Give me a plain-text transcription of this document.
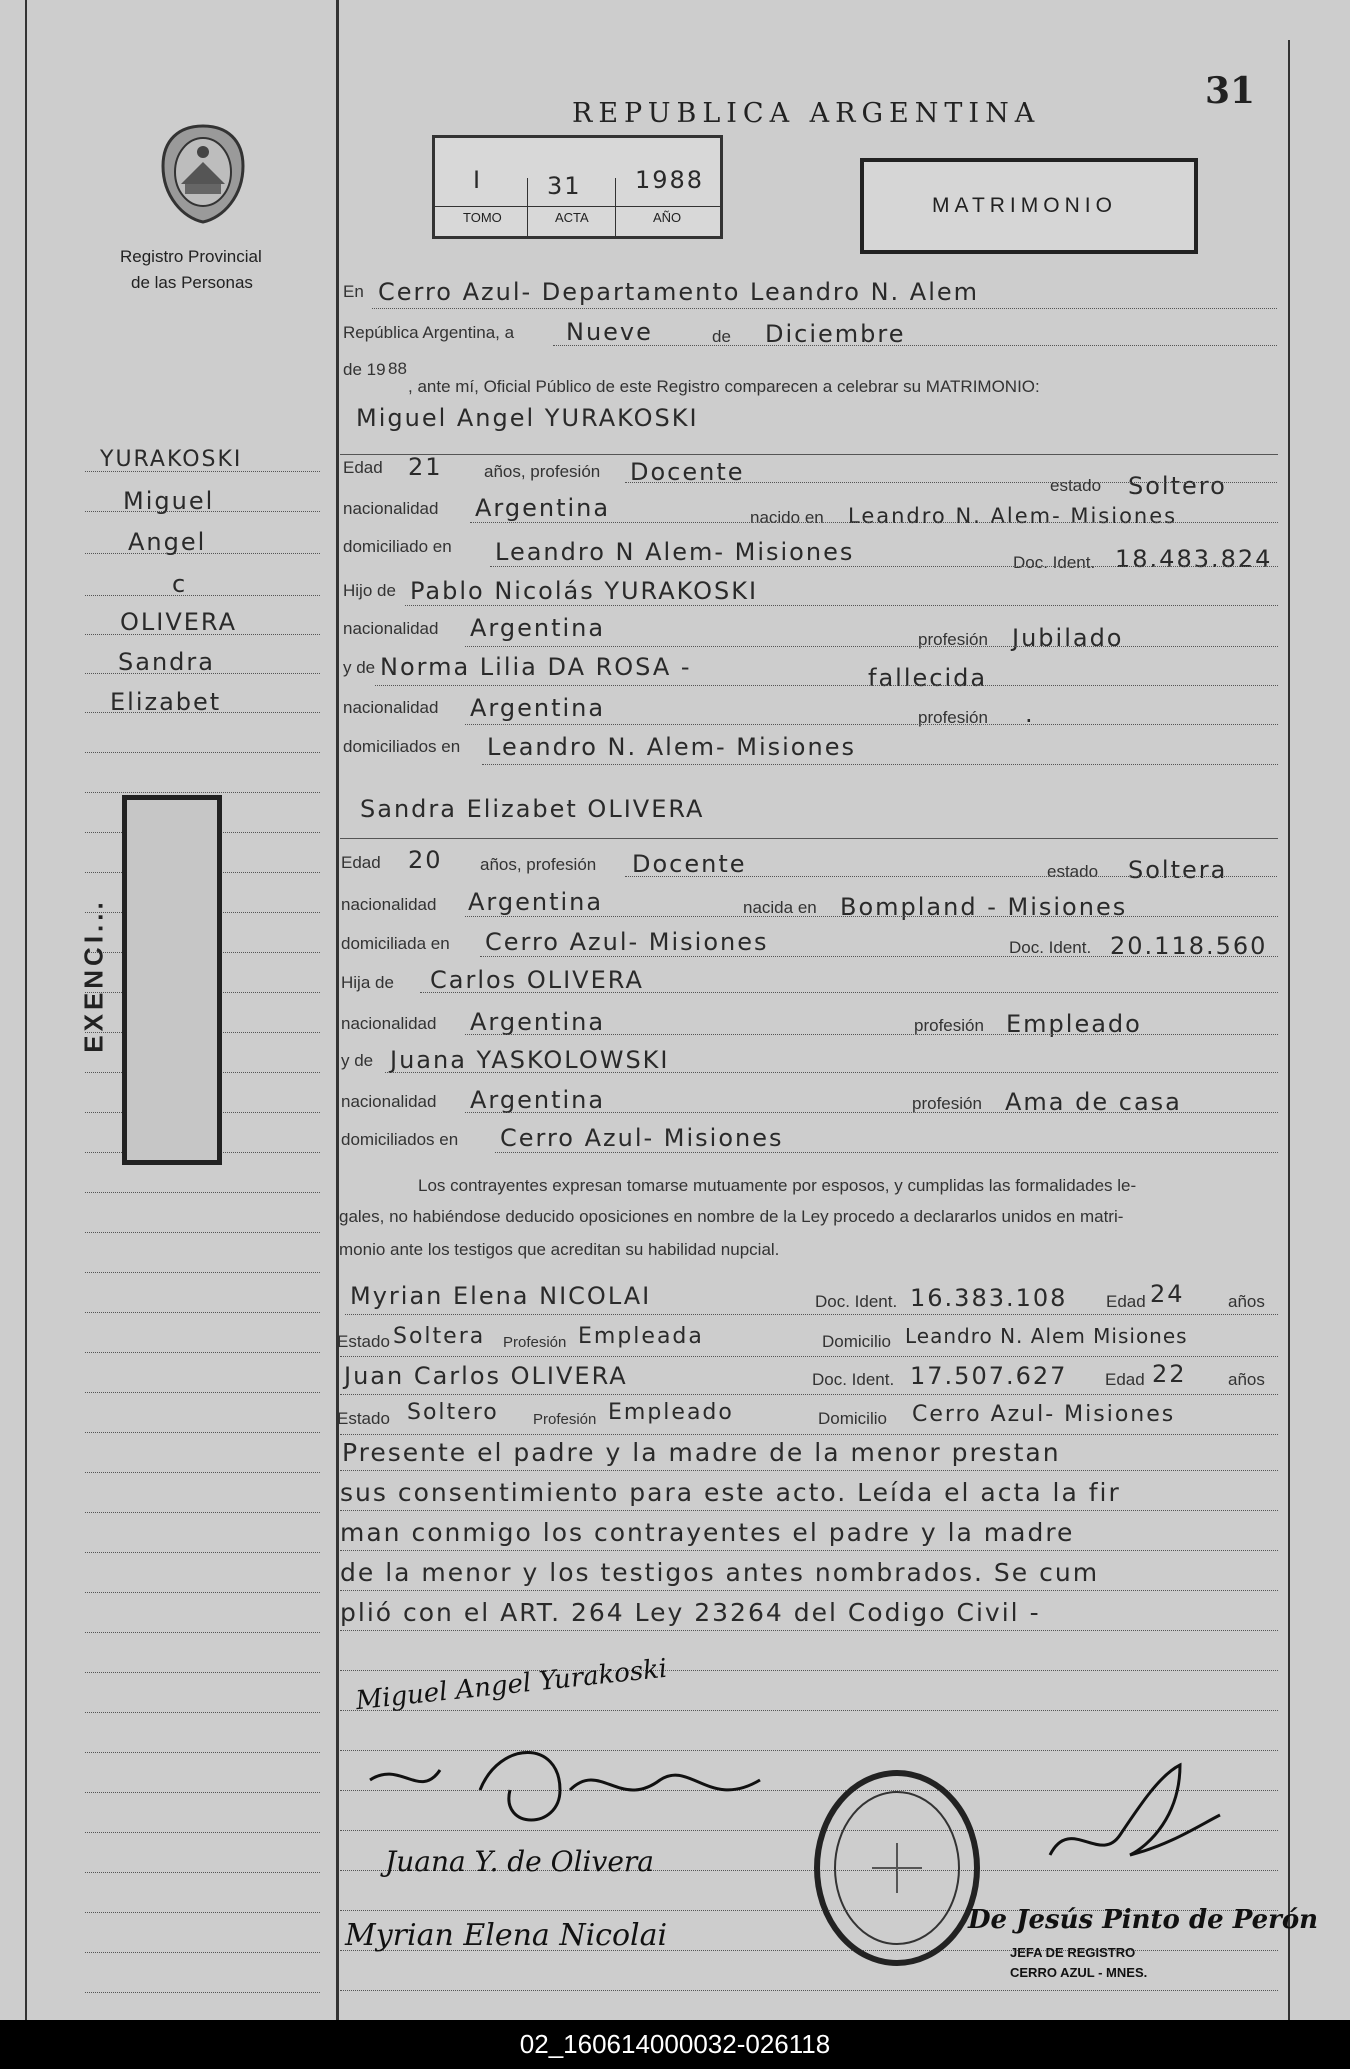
31
REPUBLICA ARGENTINA
I	31 1988
TOMO	ACTA	AÑO
MATRIMONIO
Registro Provincial
de las Personas
YURAKOSKI
Miguel
Angel
c
OLIVERA
Sandra
Elizabet
EXENCI...
En Cerro Azul- Departamento Leandro N. Alem
República Argentina, a Nueve	de Diciembre
de 19 88
, ante mí, Oficial Público de este Registro comparecen a celebrar su MATRIMONIO:
Miguel Angel YURAKOSKI
Edad 21 años, profesión Docente	estado Soltero
nacionalidad Argentina	nacido en Leandro N. Alem- Misiones
domiciliado en Leandro N Alem- Misiones	Doc. Ident. 18.483.824
Hijo de Pablo Nicolás YURAKOSKI
nacionalidad Argentina	profesión Jubilado
y de Norma Lilia DA ROSA -	fallecida
nacionalidad Argentina	profesión .
domiciliados en Leandro N. Alem- Misiones
Sandra Elizabet OLIVERA
Edad 20 años, profesión Docente	estado Soltera
nacionalidad Argentina	nacida en Bompland - Misiones
domiciliada en Cerro Azul- Misiones	Doc. Ident. 20.118.560
Hija de Carlos OLIVERA
nacionalidad Argentina	profesión Empleado
y de Juana YASKOLOWSKI
nacionalidad Argentina	profesión Ama de casa
domiciliados en Cerro Azul- Misiones
Los contrayentes expresan tomarse mutuamente por esposos, y cumplidas las formalidades le-
gales, no habiéndose deducido oposiciones en nombre de la Ley procedo a declararlos unidos en matri-
monio ante los testigos que acreditan su habilidad nupcial.
Myrian Elena NICOLAI	Doc. Ident. 16.383.108 Edad 24	años
Estado Soltera Profesión Empleada	Domicilio Leandro N. Alem Misiones
Juan Carlos OLIVERA	Doc. Ident. 17.507.627 Edad 22 años
Estado Soltero Profesión Empleado	Domicilio Cerro Azul- Misiones
Presente el padre y la madre de la menor prestan
sus consentimiento para este acto. Leída el acta la fir
man conmigo los contrayentes el padre y la madre
de la menor y los testigos antes nombrados. Se cum
plió con el ART. 264 Ley 23264 del Codigo Civil -
Miguel Angel Yurakoski
Juana Y. de Olivera
Myrian Elena Nicolai	De Jesús Pinto de Perón
JEFA DE REGISTRO
CERRO AZUL - MNES.
02_160614000032-026118
